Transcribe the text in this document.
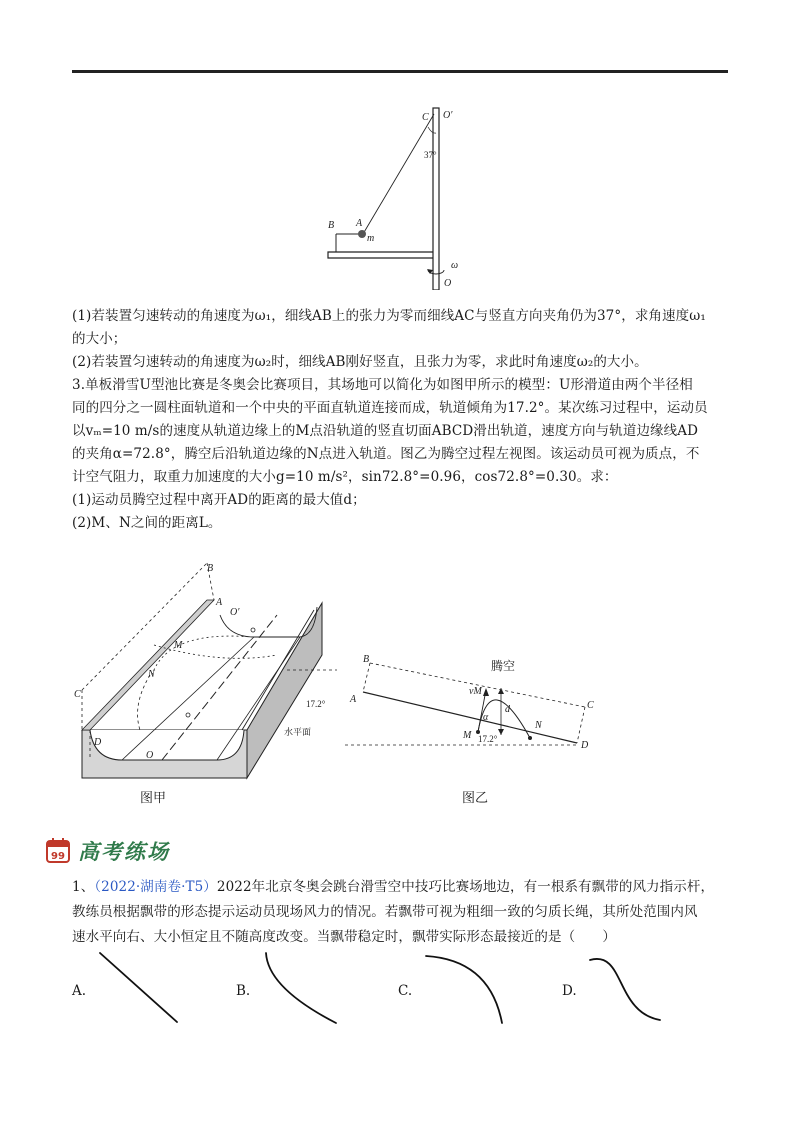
C O′
37°
B A
m
ω
O
(1)若装置匀速转动的角速度为ω₁，细线AB上的张力为零而细线AC与竖直方向夹角仍为37°，求角速度ω₁
的大小；
(2)若装置匀速转动的角速度为ω₂时，细线AB刚好竖直，且张力为零，求此时角速度ω₂的大小。
3.单板滑雪U型池比赛是冬奥会比赛项目，其场地可以简化为如图甲所示的模型：U形滑道由两个半径相
同的四分之一圆柱面轨道和一个中央的平面直轨道连接而成，轨道倾角为17.2°。某次练习过程中，运动员
以vₘ=10 m/s的速度从轨道边缘上的M点沿轨道的竖直切面ABCD滑出轨道，速度方向与轨道边缘线AD
的夹角α=72.8°，腾空后沿轨道边缘的N点进入轨道。图乙为腾空过程左视图。该运动员可视为质点，不
计空气阻力，取重力加速度的大小g=10 m/s²，sin72.8°=0.96，cos72.8°=0.30。求：
(1)运动员腾空过程中离开AD的距离的最大值d；
(2)M、N之间的距离L。
B
A
O′
M
N
C
D
O
17.2°
水平面
图甲
B
A
腾空
vM
α
d
N
C
M 17.2°
D
图乙
99 高考练场
1、（2022·湖南卷·T5）2022年北京冬奥会跳台滑雪空中技巧比赛场地边，有一根系有飘带的风力指示杆，
教练员根据飘带的形态提示运动员现场风力的情况。若飘带可视为粗细一致的匀质长绳，其所处范围内风
速水平向右、大小恒定且不随高度改变。当飘带稳定时，飘带实际形态最接近的是（　　）
A.	B.	C.	D.
